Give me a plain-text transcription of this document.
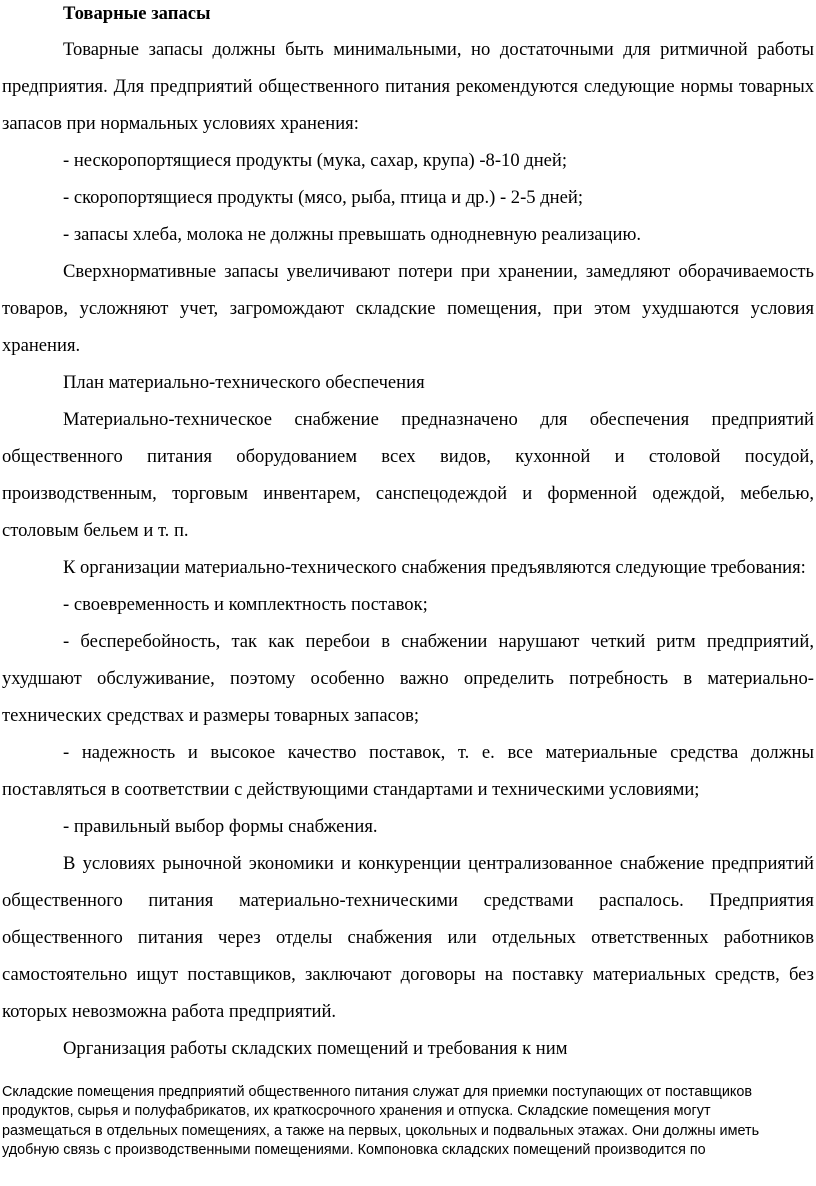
Товарные запасы

Товарные запасы должны быть минимальными, но достаточными для ритмичной работы предприятия. Для предприятий общественного питания рекомендуются следующие нормы товарных запасов при нормальных условиях хранения:

- нескоропортящиеся продукты (мука, сахар, крупа) -8-10 дней;

- скоропортящиеся продукты (мясо, рыба, птица и др.) - 2-5 дней;

- запасы хлеба, молока не должны превышать однодневную реализацию.

Сверхнормативные запасы увеличивают потери при хранении, замедляют оборачиваемость товаров, усложняют учет, загромождают складские помещения, при этом ухудшаются условия хранения.

План материально-технического обеспечения

Материально-техническое снабжение предназначено для обеспечения предприятий общественного питания оборудованием всех видов, кухонной и столовой посудой, производственным, торговым инвентарем, санспецодеждой и форменной одеждой, мебелью, столовым бельем и т. п.

К организации материально-технического снабжения предъявляются следующие требования:

- своевременность и комплектность поставок;

- бесперебойность, так как перебои в снабжении нарушают четкий ритм предприятий, ухудшают обслуживание, поэтому особенно важно определить потребность в материально-технических средствах и размеры товарных запасов;

- надежность и высокое качество поставок, т. е. все материальные средства должны поставляться в соответствии с действующими стандартами и техническими условиями;

- правильный выбор формы снабжения.

В условиях рыночной экономики и конкуренции централизованное снабжение предприятий общественного питания материально-техническими средствами распалось. Предприятия общественного питания через отделы снабжения или отдельных ответственных работников самостоятельно ищут поставщиков, заключают договоры на поставку материальных средств, без которых невозможна работа предприятий.

Организация работы складских помещений и требования к ним

Складские помещения предприятий общественного питания служат для приемки поступающих от поставщиков продуктов, сырья и полуфабрикатов, их краткосрочного хранения и отпуска. Складские помещения могут размещаться в отдельных помещениях, а также на первых, цокольных и подвальных этажах. Они должны иметь удобную связь с производственными помещениями. Компоновка складских помещений производится по
